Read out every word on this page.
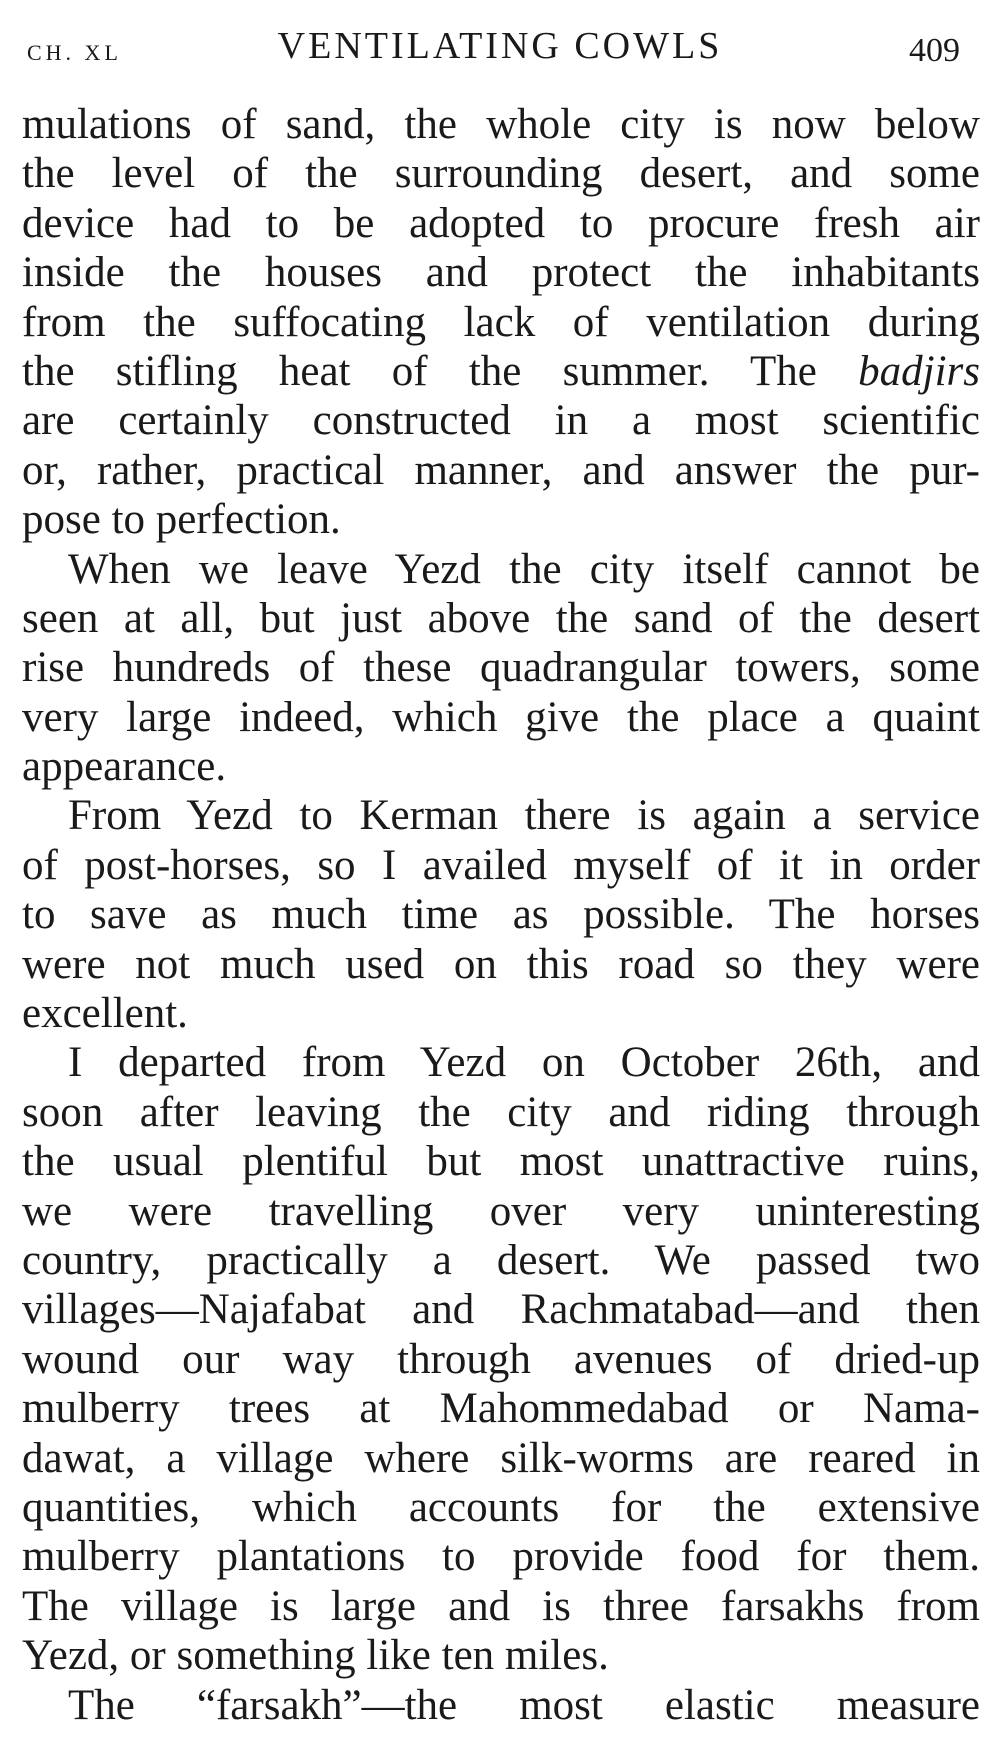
CH. XL	VENTILATING COWLS	409
mulations of sand, the whole city is now below
the level of the surrounding desert, and some
device had to be adopted to procure fresh air
inside the houses and protect the inhabitants
from the suffocating lack of ventilation during
the stifling heat of the summer. The badjirs
are certainly constructed in a most scientific
or, rather, practical manner, and answer the pur-
pose to perfection.
When we leave Yezd the city itself cannot be
seen at all, but just above the sand of the desert
rise hundreds of these quadrangular towers, some
very large indeed, which give the place a quaint
appearance.
From Yezd to Kerman there is again a service
of post-horses, so I availed myself of it in order
to save as much time as possible. The horses
were not much used on this road so they were
excellent.
I departed from Yezd on October 26th, and
soon after leaving the city and riding through
the usual plentiful but most unattractive ruins,
we were travelling over very uninteresting
country, practically a desert. We passed two
villages—Najafabat and Rachmatabad—and then
wound our way through avenues of dried-up
mulberry trees at Mahommedabad or Nama-
dawat, a village where silk-worms are reared in
quantities, which accounts for the extensive
mulberry plantations to provide food for them.
The village is large and is three farsakhs from
Yezd, or something like ten miles.
The “farsakh”—the most elastic measure
